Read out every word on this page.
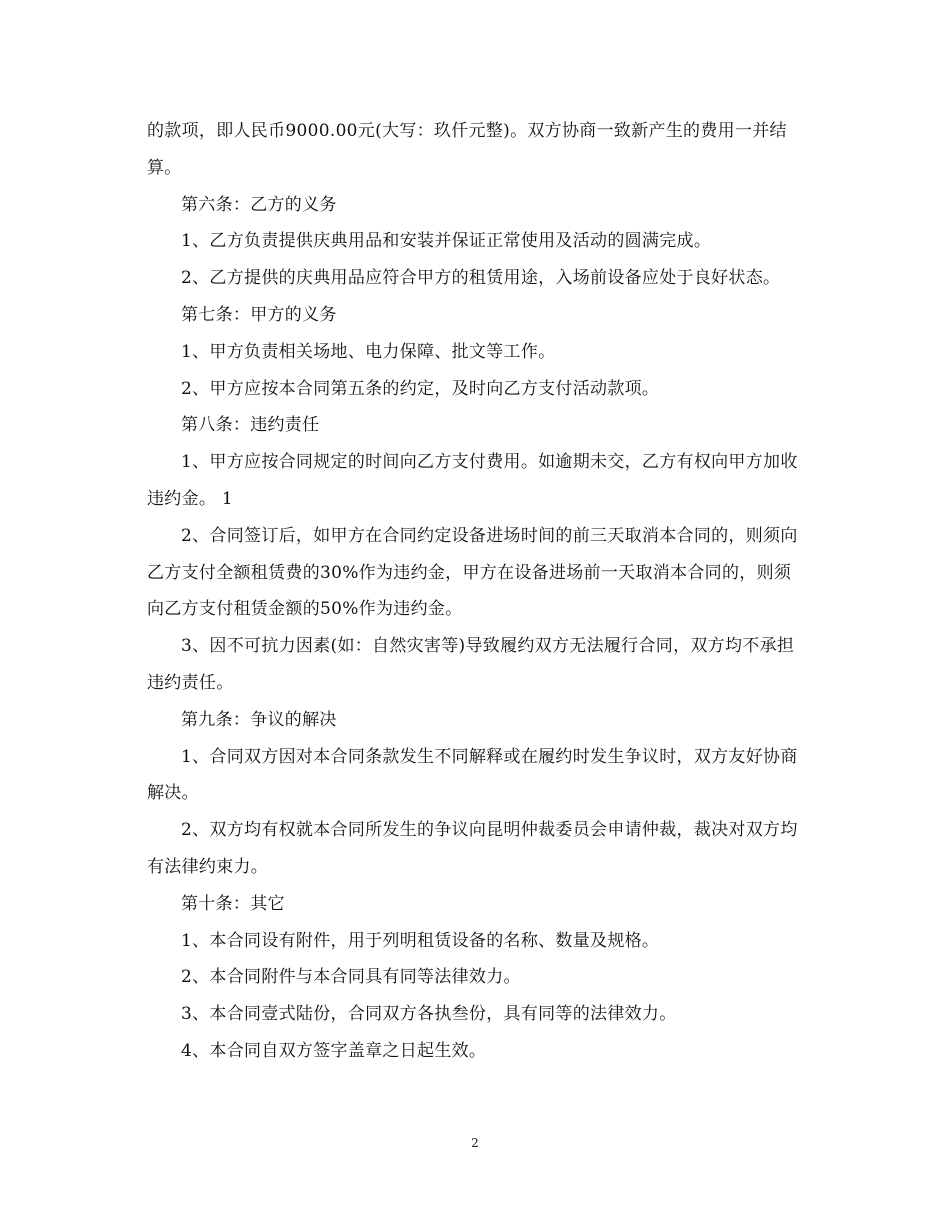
的款项，即人民币9000.00元(大写：玖仟元整)。双方协商一致新产生的费用一并结算。

第六条：乙方的义务

1、乙方负责提供庆典用品和安装并保证正常使用及活动的圆满完成。

2、乙方提供的庆典用品应符合甲方的租赁用途，入场前设备应处于良好状态。

第七条：甲方的义务

1、甲方负责相关场地、电力保障、批文等工作。

2、甲方应按本合同第五条的约定，及时向乙方支付活动款项。

第八条：违约责任

1、甲方应按合同规定的时间向乙方支付费用。如逾期未交，乙方有权向甲方加收违约金。 1

2、合同签订后，如甲方在合同约定设备进场时间的前三天取消本合同的，则须向乙方支付全额租赁费的30%作为违约金，甲方在设备进场前一天取消本合同的，则须向乙方支付租赁金额的50%作为违约金。

3、因不可抗力因素(如：自然灾害等)导致履约双方无法履行合同，双方均不承担违约责任。

第九条：争议的解决

1、合同双方因对本合同条款发生不同解释或在履约时发生争议时，双方友好协商解决。

2、双方均有权就本合同所发生的争议向昆明仲裁委员会申请仲裁，裁决对双方均有法律约束力。

第十条：其它

1、本合同设有附件，用于列明租赁设备的名称、数量及规格。

2、本合同附件与本合同具有同等法律效力。

3、本合同壹式陆份，合同双方各执叁份，具有同等的法律效力。

4、本合同自双方签字盖章之日起生效。

2
